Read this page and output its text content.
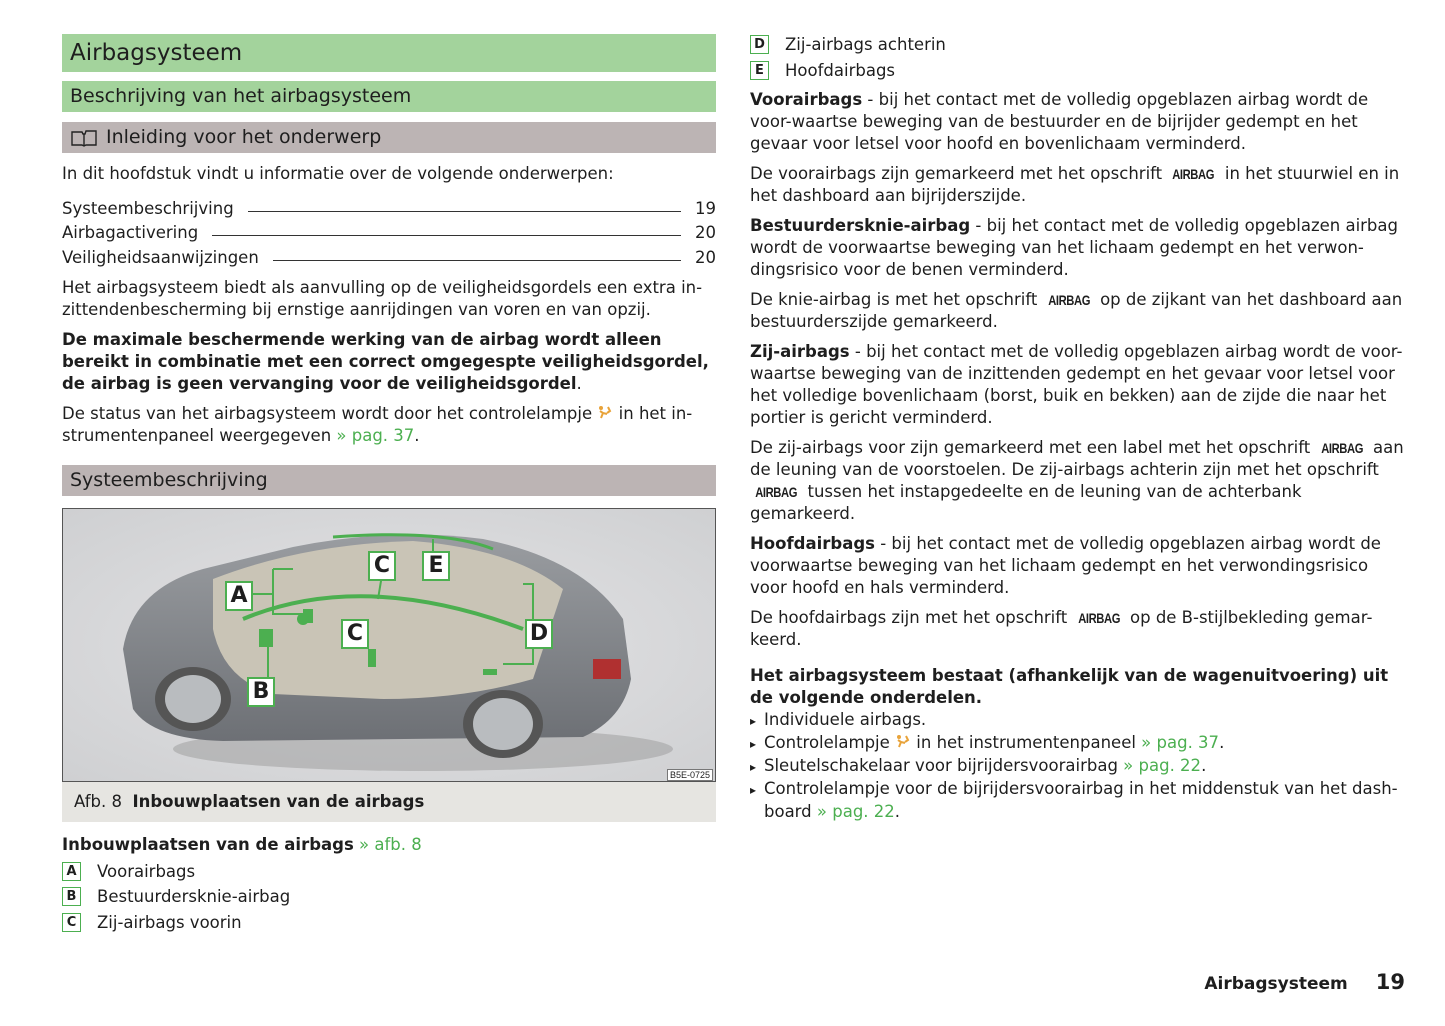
Airbagsysteem
Beschrijving van het airbagsysteem
Inleiding voor het onderwerp

In dit hoofdstuk vindt u informatie over de volgende onderwerpen:

Systeembeschrijving	19
Airbagactivering	20
Veiligheidsaanwijzingen	20

Het airbagsysteem biedt als aanvulling op de veiligheidsgordels een extra in-zittendenbescherming bij ernstige aanrijdingen van voren en van opzij.

De maximale beschermende werking van de airbag wordt alleen bereikt in combinatie met een correct omgegespte veiligheidsgordel, de airbag is geen vervanging voor de veiligheidsgordel.

De status van het airbagsysteem wordt door het controlelampje in het in-strumentenpaneel weergegeven » pag. 37.

Systeembeschrijving
A
B
C
C	D
E
B5E-0725
Afb. 8 Inbouwplaatsen van de airbags

Inbouwplaatsen van de airbags » afb. 8

A Voorairbags
B Bestuurdersknie-airbag
C Zij-airbags voorin
D Zij-airbags achterin
E	Hoofdairbags

Voorairbags - bij het contact met de volledig opgeblazen airbag wordt de voor-waartse beweging van de bestuurder en de bijrijder gedempt en het gevaar voor letsel voor hoofd en bovenlichaam verminderd.

De voorairbags zijn gemarkeerd met het opschrift AIRBAG in het stuurwiel en in het dashboard aan bijrijderszijde.

Bestuurdersknie-airbag - bij het contact met de volledig opgeblazen airbag wordt de voorwaartse beweging van het lichaam gedempt en het verwon-dingsrisico voor de benen verminderd.

De knie-airbag is met het opschrift AIRBAG op de zijkant van het dashboard aan bestuurderszijde gemarkeerd.

Zij-airbags - bij het contact met de volledig opgeblazen airbag wordt de voor-waartse beweging van de inzittenden gedempt en het gevaar voor letsel voor het volledige bovenlichaam (borst, buik en bekken) aan de zijde die naar het portier is gericht verminderd.

De zij-airbags voor zijn gemarkeerd met een label met het opschrift AIRBAG aan de leuning van de voorstoelen. De zij-airbags achterin zijn met het opschrift AIRBAG tussen het instapgedeelte en de leuning van de achterbank gemarkeerd.

Hoofdairbags - bij het contact met de volledig opgeblazen airbag wordt de voorwaartse beweging van het lichaam gedempt en het verwondingsrisico voor hoofd en hals verminderd.

De hoofdairbags zijn met het opschrift AIRBAG op de B-stijlbekleding gemar-keerd.

Het airbagsysteem bestaat (afhankelijk van de wagenuitvoering) uit de volgende onderdelen.

▸ Individuele airbags.
▸ Controlelampje  in het instrumentenpaneel » pag. 37.
▸ Sleutelschakelaar voor bijrijdersvoorairbag » pag. 22.
▸ Controlelampje voor de bijrijdersvoorairbag in het middenstuk van het dash-board » pag. 22.
Airbagsysteem 19
